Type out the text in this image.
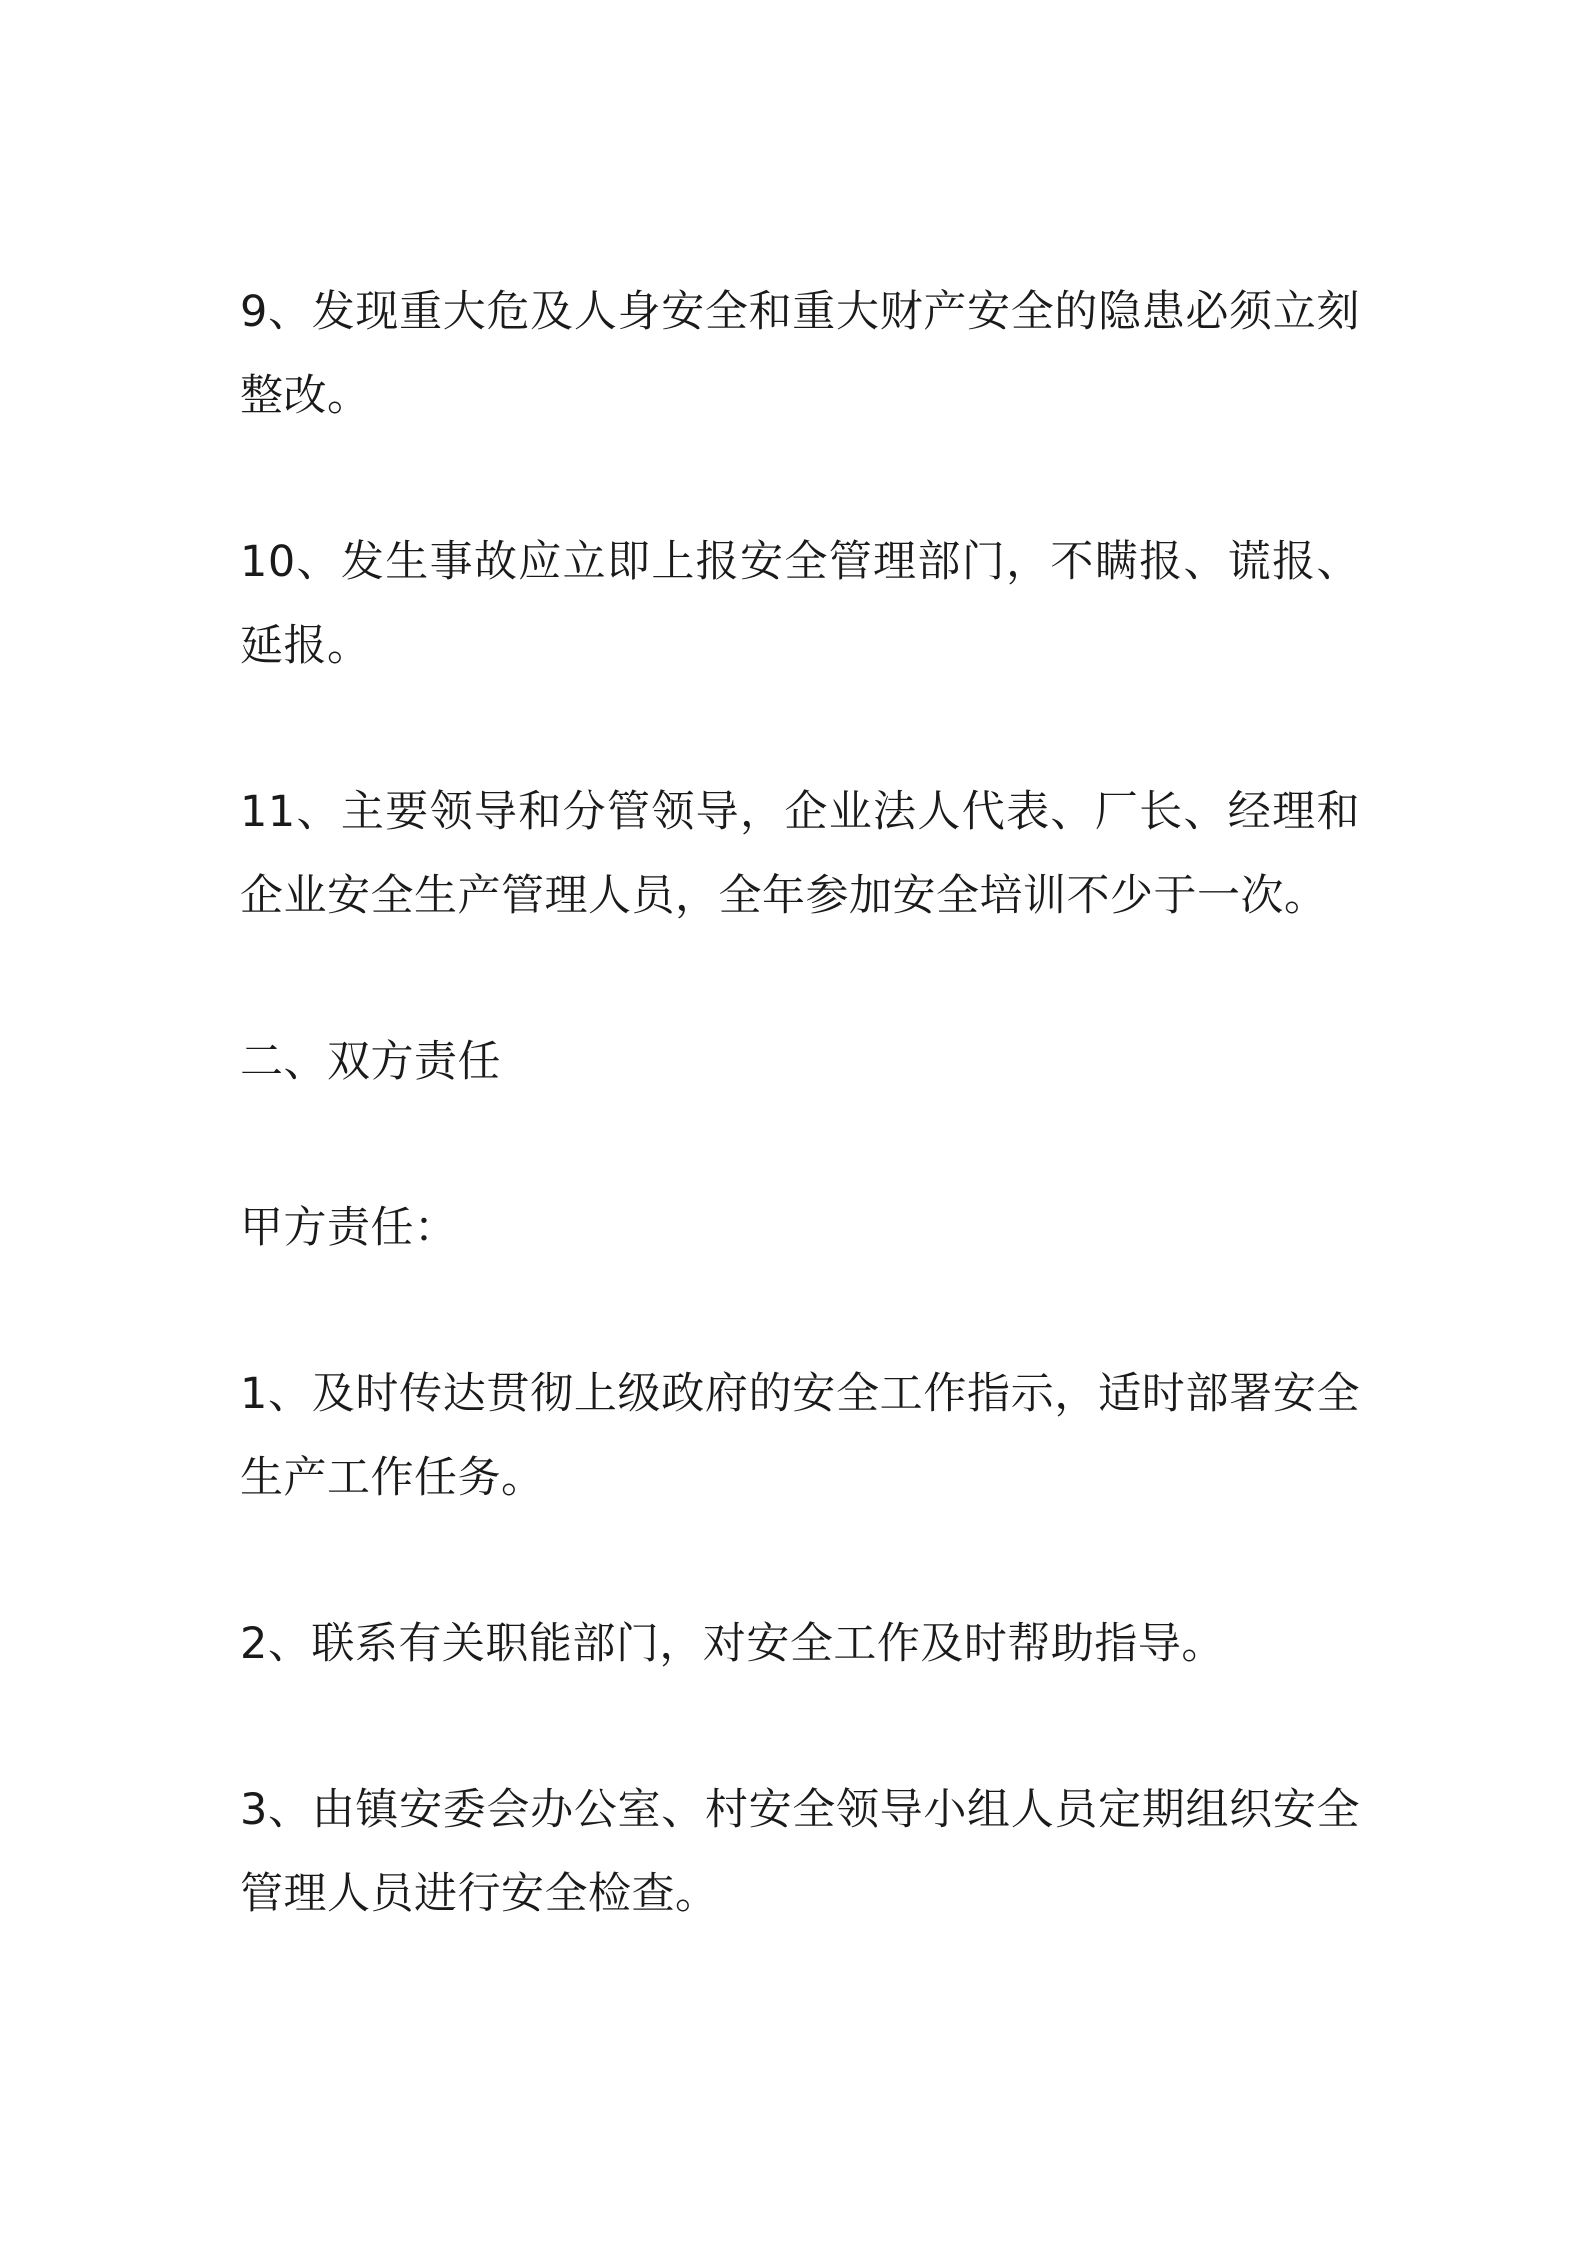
9、发现重大危及人身安全和重大财产安全的隐患必须立刻整改。

10、发生事故应立即上报安全管理部门，不瞒报、谎报、延报。

11、主要领导和分管领导，企业法人代表、厂长、经理和企业安全生产管理人员，全年参加安全培训不少于一次。

二、双方责任

甲方责任：

1、及时传达贯彻上级政府的安全工作指示，适时部署安全生产工作任务。

2、联系有关职能部门，对安全工作及时帮助指导。

3、由镇安委会办公室、村安全领导小组人员定期组织安全管理人员进行安全检查。
